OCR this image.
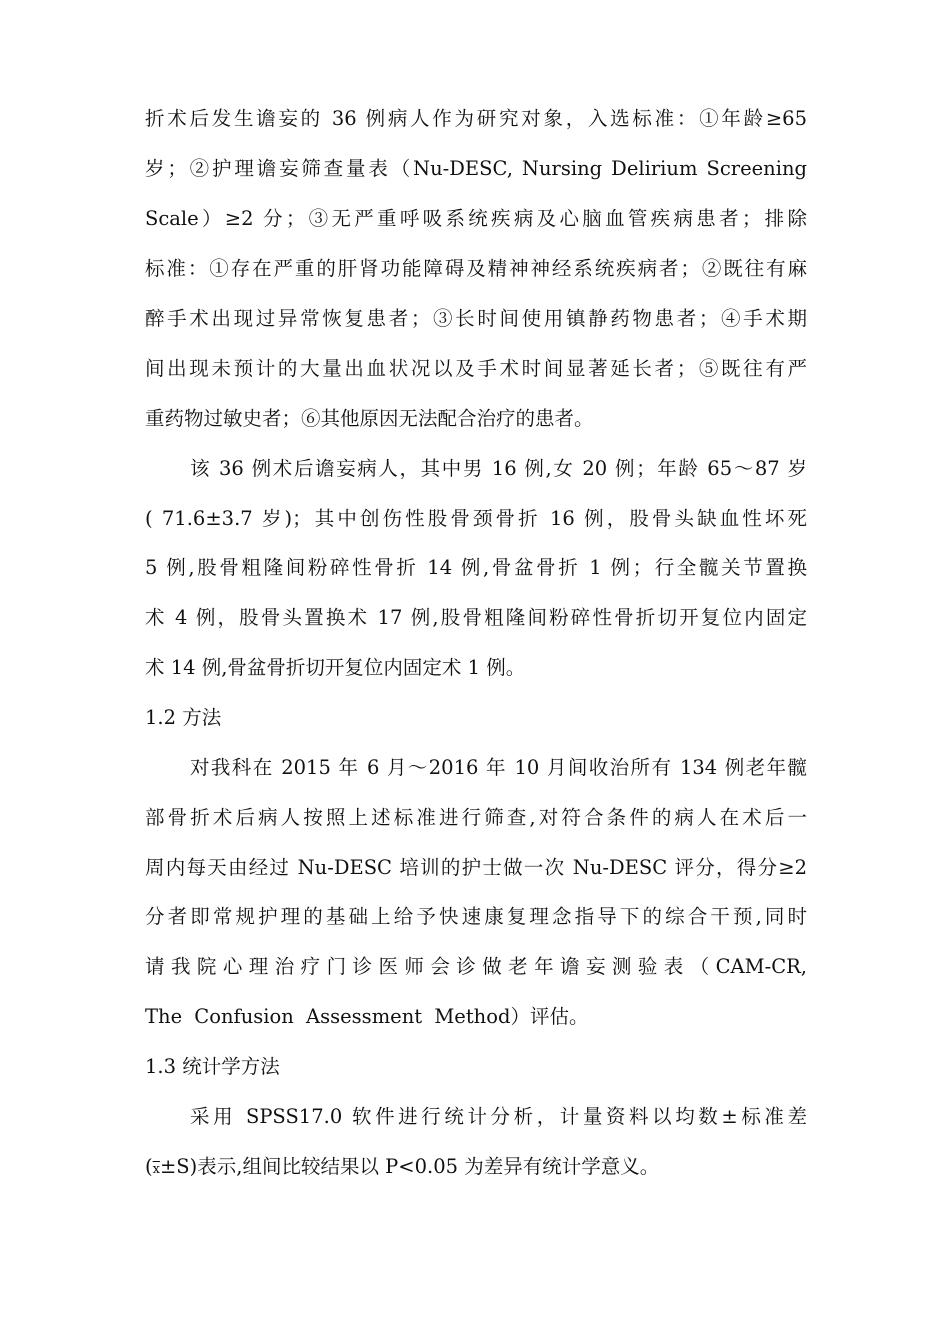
折术后发生谵妄的 36 例病人作为研究对象，入选标准：①年龄≥65
岁；②护理谵妄筛查量表（Nu-DESC, Nursing Delirium Screening
Scale）≥2 分；③无严重呼吸系统疾病及心脑血管疾病患者；排除
标准：①存在严重的肝肾功能障碍及精神神经系统疾病者；②既往有麻
醉手术出现过异常恢复患者；③长时间使用镇静药物患者；④手术期
间出现未预计的大量出血状况以及手术时间显著延长者；⑤既往有严
重药物过敏史者；⑥其他原因无法配合治疗的患者。
该 36 例术后谵妄病人，其中男 16 例,女 20 例；年龄 65～87 岁
( 71.6±3.7 岁)；其中创伤性股骨颈骨折 16 例，股骨头缺血性坏死
5 例,股骨粗隆间粉碎性骨折 14 例,骨盆骨折 1 例；行全髋关节置换
术 4 例，股骨头置换术 17 例,股骨粗隆间粉碎性骨折切开复位内固定
术 14 例,骨盆骨折切开复位内固定术 1 例。
1.2 方法
对我科在 2015 年 6 月～2016 年 10 月间收治所有 134 例老年髋
部骨折术后病人按照上述标准进行筛查,对符合条件的病人在术后一
周内每天由经过 Nu-DESC 培训的护士做一次 Nu-DESC 评分，得分≥2
分者即常规护理的基础上给予快速康复理念指导下的综合干预,同时
请我院心理治疗门诊医师会诊做老年谵妄测验表（CAM-CR,
The Confusion Assessment Method）评估。
1.3 统计学方法
采用 SPSS17.0 软件进行统计分析，计量资料以均数±标准差
$(\overline{x}\pm S)$表示,组间比较结果以 P<0.05 为差异有统计学意义。
